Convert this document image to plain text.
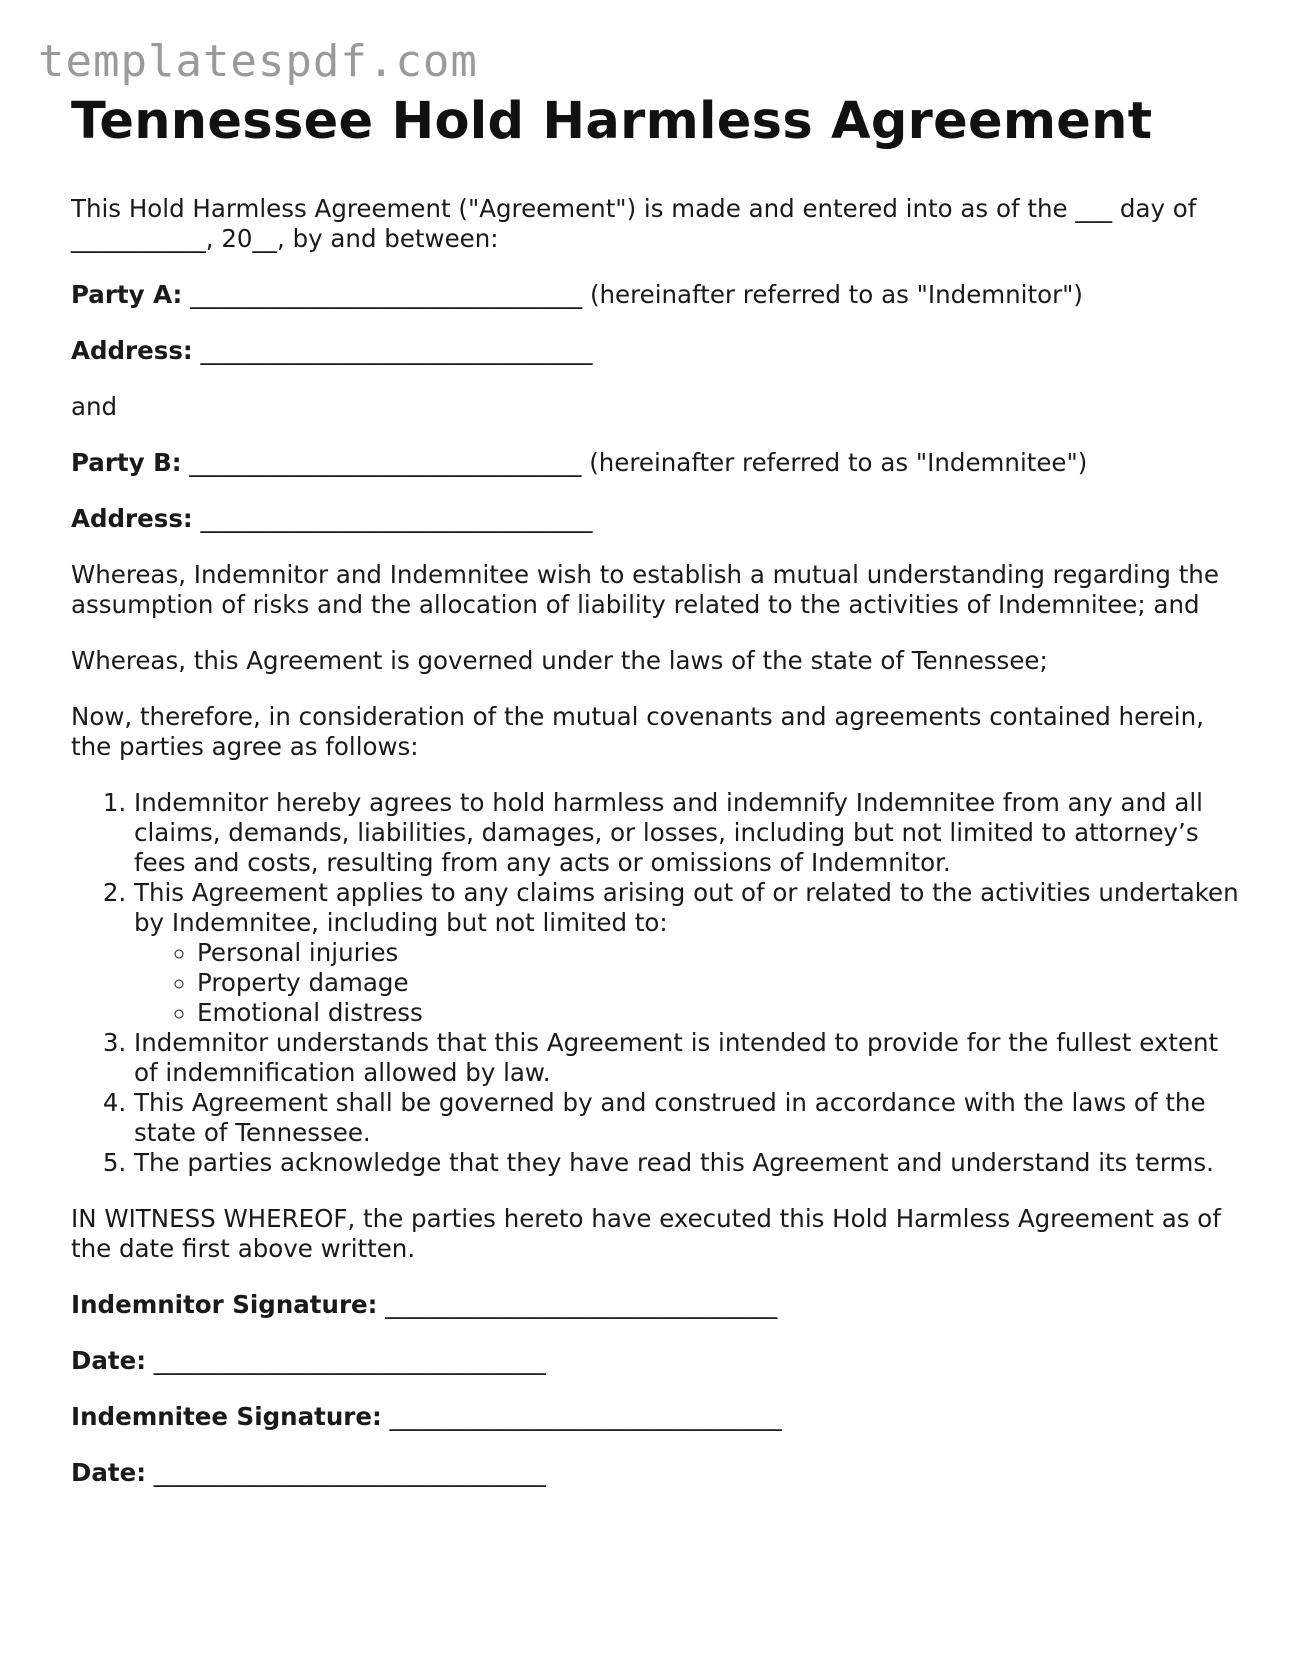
templatespdf.com
Tennessee Hold Harmless Agreement

This Hold Harmless Agreement ("Agreement") is made and entered into as of the ___ day of ___________, 20__, by and between:

Party A: ________________________________ (hereinafter referred to as "Indemnitor")

Address: ________________________________

and

Party B: ________________________________ (hereinafter referred to as "Indemnitee")

Address: ________________________________

Whereas, Indemnitor and Indemnitee wish to establish a mutual understanding regarding the assumption of risks and the allocation of liability related to the activities of Indemnitee; and

Whereas, this Agreement is governed under the laws of the state of Tennessee;

Now, therefore, in consideration of the mutual covenants and agreements contained herein, the parties agree as follows:

1. Indemnitor hereby agrees to hold harmless and indemnify Indemnitee from any and all claims, demands, liabilities, damages, or losses, including but not limited to attorney’s fees and costs, resulting from any acts or omissions of Indemnitor.
2. This Agreement applies to any claims arising out of or related to the activities undertaken by Indemnitee, including but not limited to:
◦ Personal injuries
◦ Property damage
◦ Emotional distress
3. Indemnitor understands that this Agreement is intended to provide for the fullest extent of indemnification allowed by law.
4. This Agreement shall be governed by and construed in accordance with the laws of the state of Tennessee.
5. The parties acknowledge that they have read this Agreement and understand its terms.

IN WITNESS WHEREOF, the parties hereto have executed this Hold Harmless Agreement as of the date first above written.

Indemnitor Signature: ________________________________

Date: ________________________________

Indemnitee Signature: ________________________________

Date: ________________________________
